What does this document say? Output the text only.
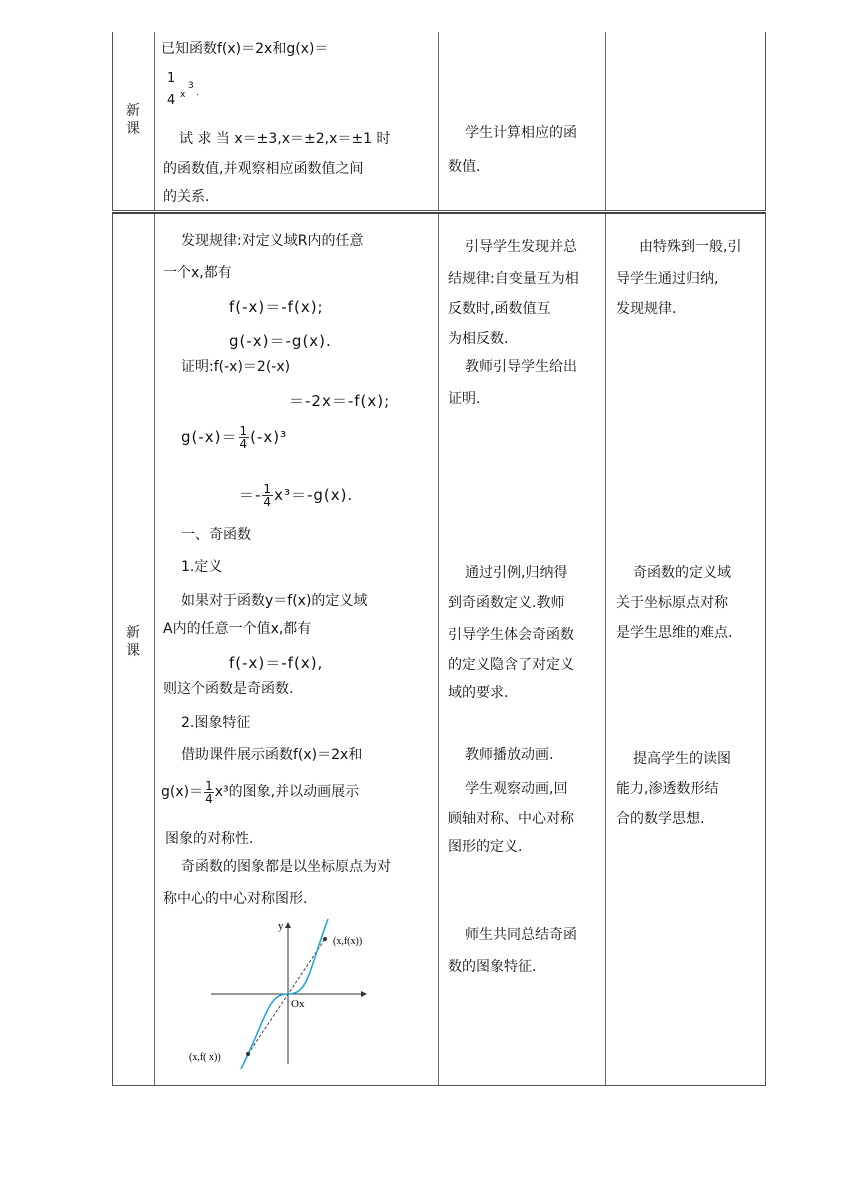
新课
已知函数f(x)＝2x和g(x)＝
1
4 x
3
.
试 求 当 x＝±3,x＝±2,x＝±1 时
的函数值,并观察相应函数值之间
的关系.
学生计算相应的函
数值.
新课
发现规律:对定义域R内的任意
一个x,都有
f(-x)＝-f(x);
g(-x)＝-g(x).
证明:f(-x)＝2(-x)
＝-2x＝-f(x);
$g(-x)= \frac{1}{4} (-x)^3$
＝- $\frac{1}{4} x^3=-g(x)$.
一、奇函数
1.定义
如果对于函数y＝f(x)的定义域
A内的任意一个值x,都有
f(-x)＝-f(x),
则这个函数是奇函数.
2.图象特征
借助课件展示函数f(x)＝2x和
$g(x)= \frac{1}{4} x^3$的图象,并以动画展示
图象的对称性.
奇函数的图象都是以坐标原点为对
称中心的中心对称图形.
y
Ox
(x,f(x))
(x,f( x))
引导学生发现并总
结规律:自变量互为相
反数时,函数值互
为相反数.
教师引导学生给出
证明.
通过引例,归纳得
到奇函数定义.教师
引导学生体会奇函数
的定义隐含了对定义
域的要求.
教师播放动画.
学生观察动画,回
顾轴对称、中心对称
图形的定义.
师生共同总结奇函
数的图象特征.
由特殊到一般,引
导学生通过归纳,
发现规律.
奇函数的定义域
关于坐标原点对称
是学生思维的难点.
提高学生的读图
能力,渗透数形结
合的数学思想.
